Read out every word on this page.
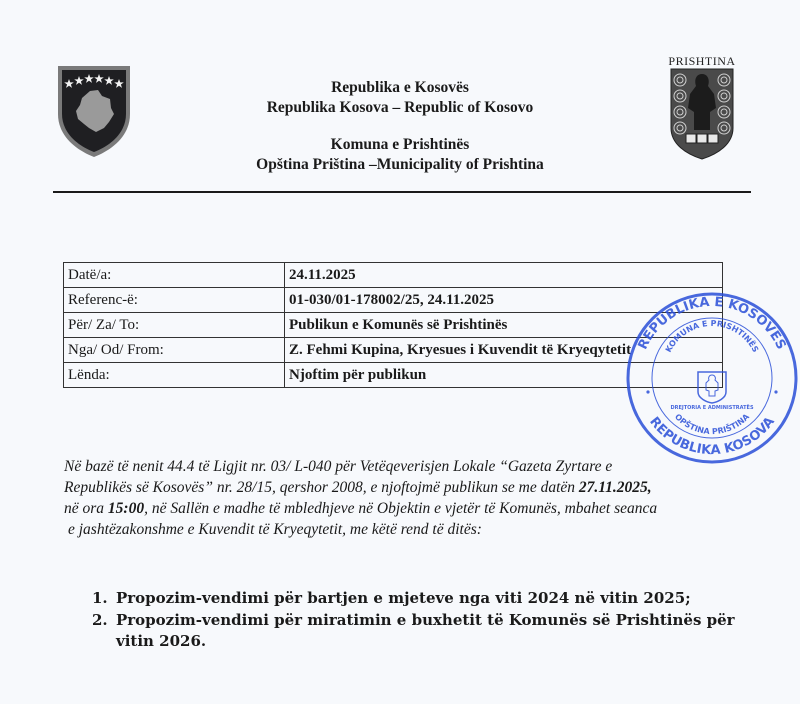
PRISHTINA
Republika e Kosovës
Republika Kosova – Republic of Kosovo
Komuna e Prishtinës
Opština Priština –Municipality of Prishtina
Datë/a:	24.11.2025
Referenc-ë:	01-030/01-178002/25, 24.11.2025
Për/ Za/ To:	Publikun e Komunës së Prishtinës
Nga/ Od/ From:	Z. Fehmi Kupina, Kryesues i Kuvendit të Kryeqytetit
Lënda:	Njoftim për publikun
REPUBLIKA E KOSOVËS
REPUBLIKA KOSOVA
KOMUNA E PRISHTINËS
OPŠTINA PRIŠTINA
DREJTORIA E ADMINISTRATËS
Në bazë të nenit 44.4 të Ligjit nr. 03/ L-040 për Vetëqeverisjen Lokale “Gazeta Zyrtare e
Republikës së Kosovës” nr. 28/15, qershor 2008, e njoftojmë publikun se me datën 27.11.2025,
në ora 15:00, në Sallën e madhe të mbledhjeve në Objektin e vjetër të Komunës, mbahet seanca
e jashtëzakonshme e Kuvendit të Kryeqytetit, me këtë rend të ditës:
1. Propozim-vendimi për bartjen e mjeteve nga viti 2024 në vitin 2025;
2. Propozim-vendimi për miratimin e buxhetit të Komunës së Prishtinës për vitin 2026.
